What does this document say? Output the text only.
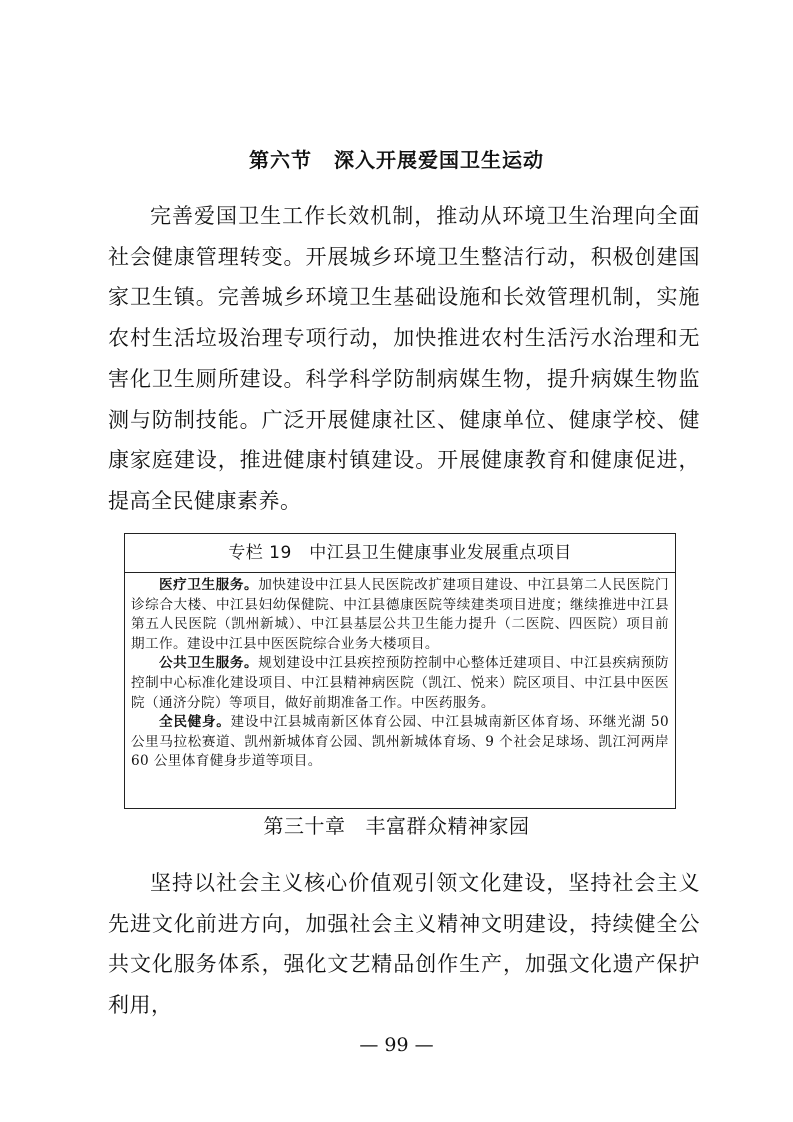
第六节 深入开展爱国卫生运动

完善爱国卫生工作长效机制，推动从环境卫生治理向全面社会健康管理转变。开展城乡环境卫生整洁行动，积极创建国家卫生镇。完善城乡环境卫生基础设施和长效管理机制，实施农村生活垃圾治理专项行动，加快推进农村生活污水治理和无害化卫生厕所建设。科学科学防制病媒生物，提升病媒生物监测与防制技能。广泛开展健康社区、健康单位、健康学校、健康家庭建设，推进健康村镇建设。开展健康教育和健康促进，提高全民健康素养。

专栏 19　中江县卫生健康事业发展重点项目

医疗卫生服务。加快建设中江县人民医院改扩建项目建设、中江县第二人民医院门诊综合大楼、中江县妇幼保健院、中江县德康医院等续建类项目进度；继续推进中江县第五人民医院（凯州新城）、中江县基层公共卫生能力提升（二医院、四医院）项目前期工作。建设中江县中医医院综合业务大楼项目。

公共卫生服务。规划建设中江县疾控预防控制中心整体迁建项目、中江县疾病预防控制中心标准化建设项目、中江县精神病医院（凯江、悦来）院区项目、中江县中医医院（通济分院）等项目，做好前期准备工作。中医药服务。

全民健身。建设中江县城南新区体育公园、中江县城南新区体育场、环继光湖 50 公里马拉松赛道、凯州新城体育公园、凯州新城体育场、9 个社会足球场、凯江河两岸 60 公里体育健身步道等项目。

第三十章 丰富群众精神家园

坚持以社会主义核心价值观引领文化建设，坚持社会主义先进文化前进方向，加强社会主义精神文明建设，持续健全公共文化服务体系，强化文艺精品创作生产，加强文化遗产保护利用，

— 99 —
